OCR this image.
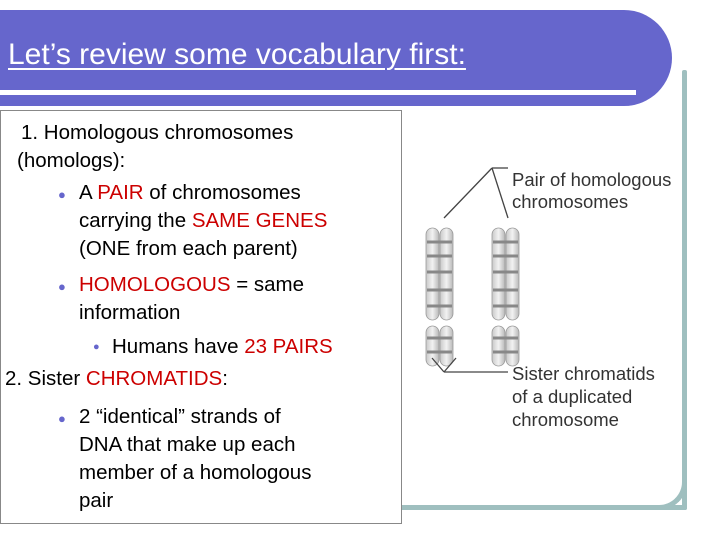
Let’s review some vocabulary first:
1. Homologous chromosomes
(homologs):
● A PAIR of chromosomes
carrying the SAME GENES
(ONE from each parent)
● HOMOLOGOUS = same
information
● Humans have 23 PAIRS
2. Sister CHROMATIDS:
● 2 “identical” strands of
DNA that make up each
member of a homologous
pair
Pair of homologous
chromosomes
Sister chromatids
of a duplicated
chromosome
